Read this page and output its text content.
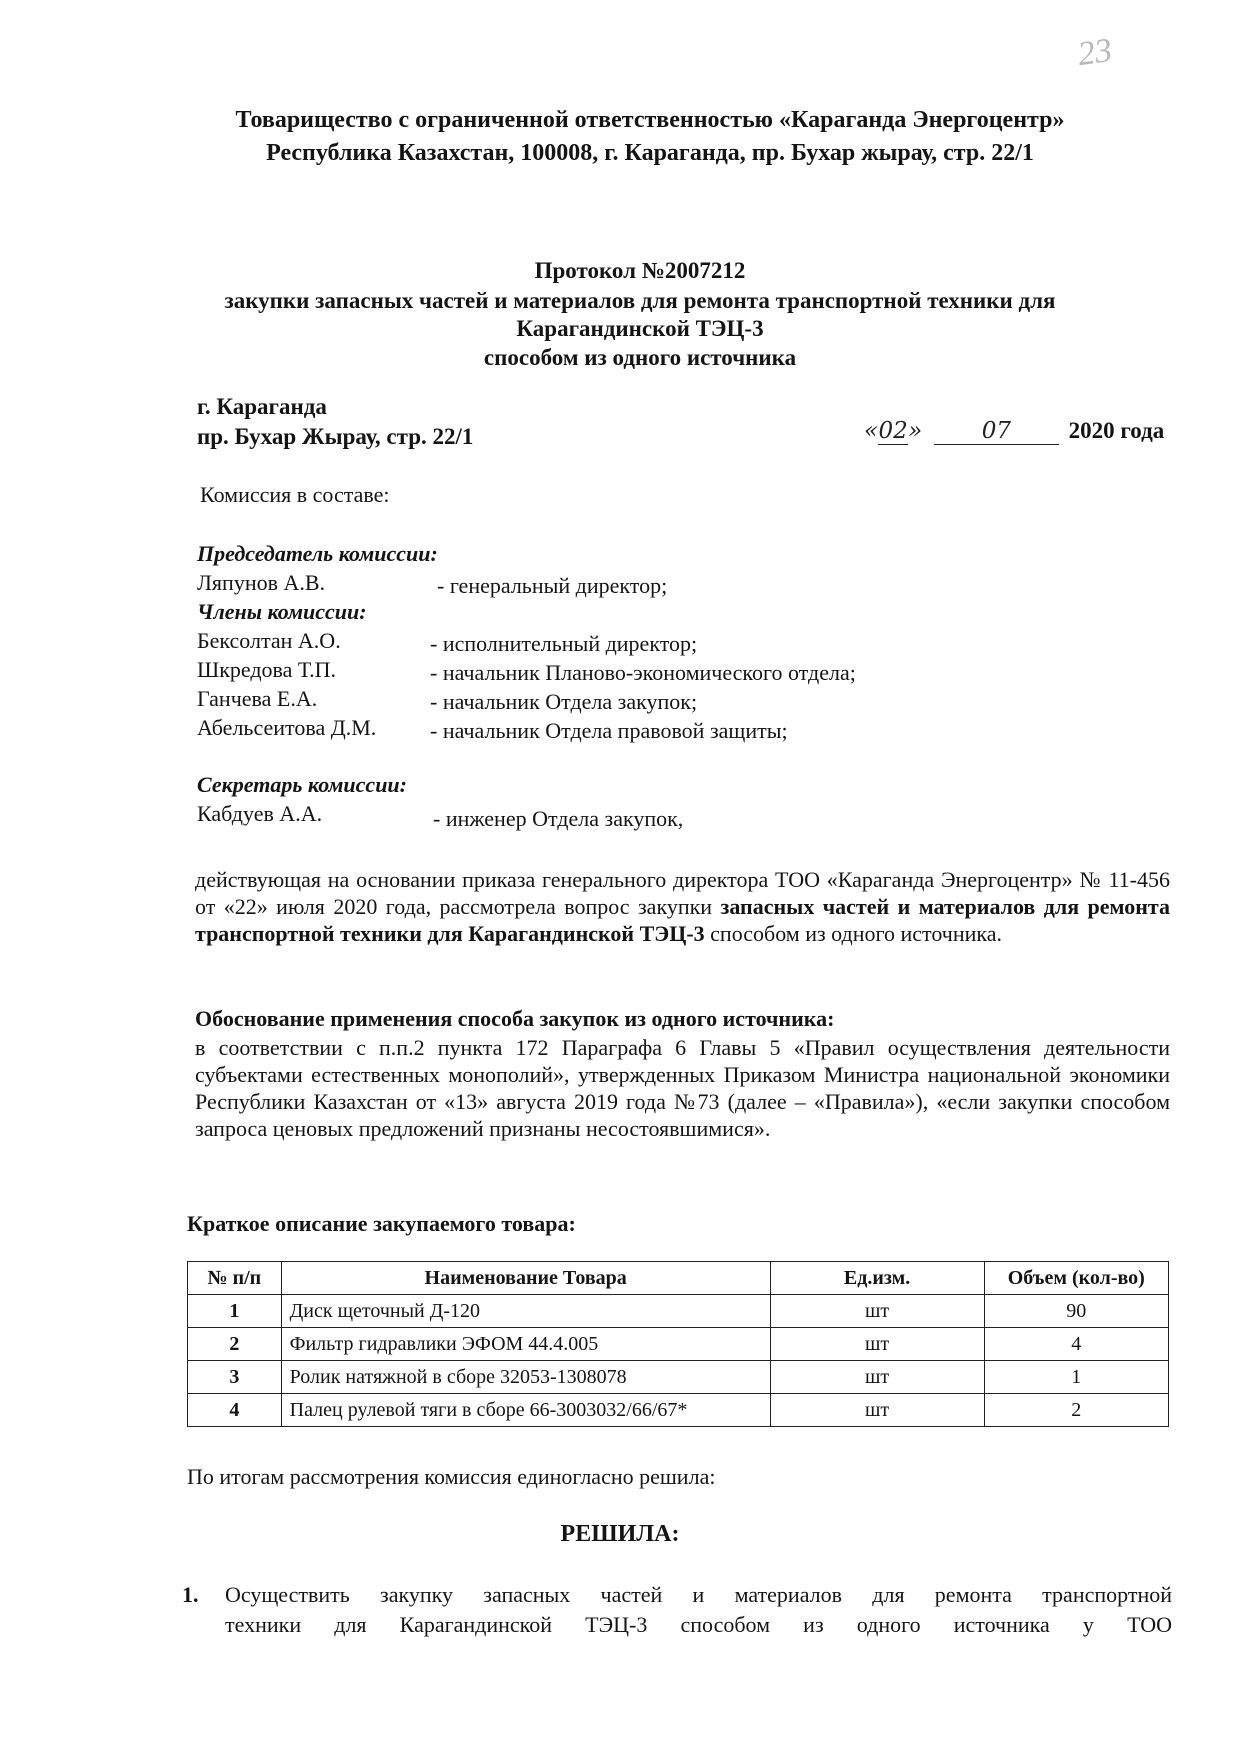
23
Товарищество с ограниченной ответственностью «Караганда Энергоцентр»
Республика Казахстан, 100008, г. Караганда, пр. Бухар жырау, стр. 22/1
Протокол №2007212
закупки запасных частей и материалов для ремонта транспортной техники для
Карагандинской ТЭЦ-3
способом из одного источника
г. Караганда
пр. Бухар Жырау, стр. 22/1	«02»	07	2020 года
Комиссия в составе:
Председатель комиссии:
Ляпунов А.В.	- генеральный директор;
Члены комиссии:
Бексолтан А.О.	- исполнительный директор;
Шкредова Т.П.	- начальник Планово-экономического отдела;
Ганчева Е.А.	- начальник Отдела закупок;
Абельсеитова Д.М. - начальник Отдела правовой защиты;
Секретарь комиссии:
Кабдуев А.А.	- инженер Отдела закупок,
действующая на основании приказа генерального директора ТОО «Караганда Энергоцентр» № 11-456 от «22» июля 2020 года, рассмотрела вопрос закупки запасных частей и материалов для ремонта транспортной техники для Карагандинской ТЭЦ-3 способом из одного источника.
Обоснование применения способа закупок из одного источника:
в соответствии с п.п.2 пункта 172 Параграфа 6 Главы 5 «Правил осуществления деятельности субъектами естественных монополий», утвержденных Приказом Министра национальной экономики Республики Казахстан от «13» августа 2019 года №73 (далее – «Правила»), «если закупки способом запроса ценовых предложений признаны несостоявшимися».
Краткое описание закупаемого товара:
№ п/п	Наименование Товара	Ед.изм.	Объем (кол-во)
1	Диск щеточный Д-120	шт	90
2	Фильтр гидравлики ЭФОМ 44.4.005	шт	4
3	Ролик натяжной в сборе 32053-1308078	шт	1
4	Палец рулевой тяги в сборе 66-3003032/66/67*	шт	2
По итогам рассмотрения комиссия единогласно решила:
РЕШИЛА:
1. Осуществить закупку запасных частей и материалов для ремонта транспортной
техники для Карагандинской ТЭЦ-3 способом из одного источника у ТОО
